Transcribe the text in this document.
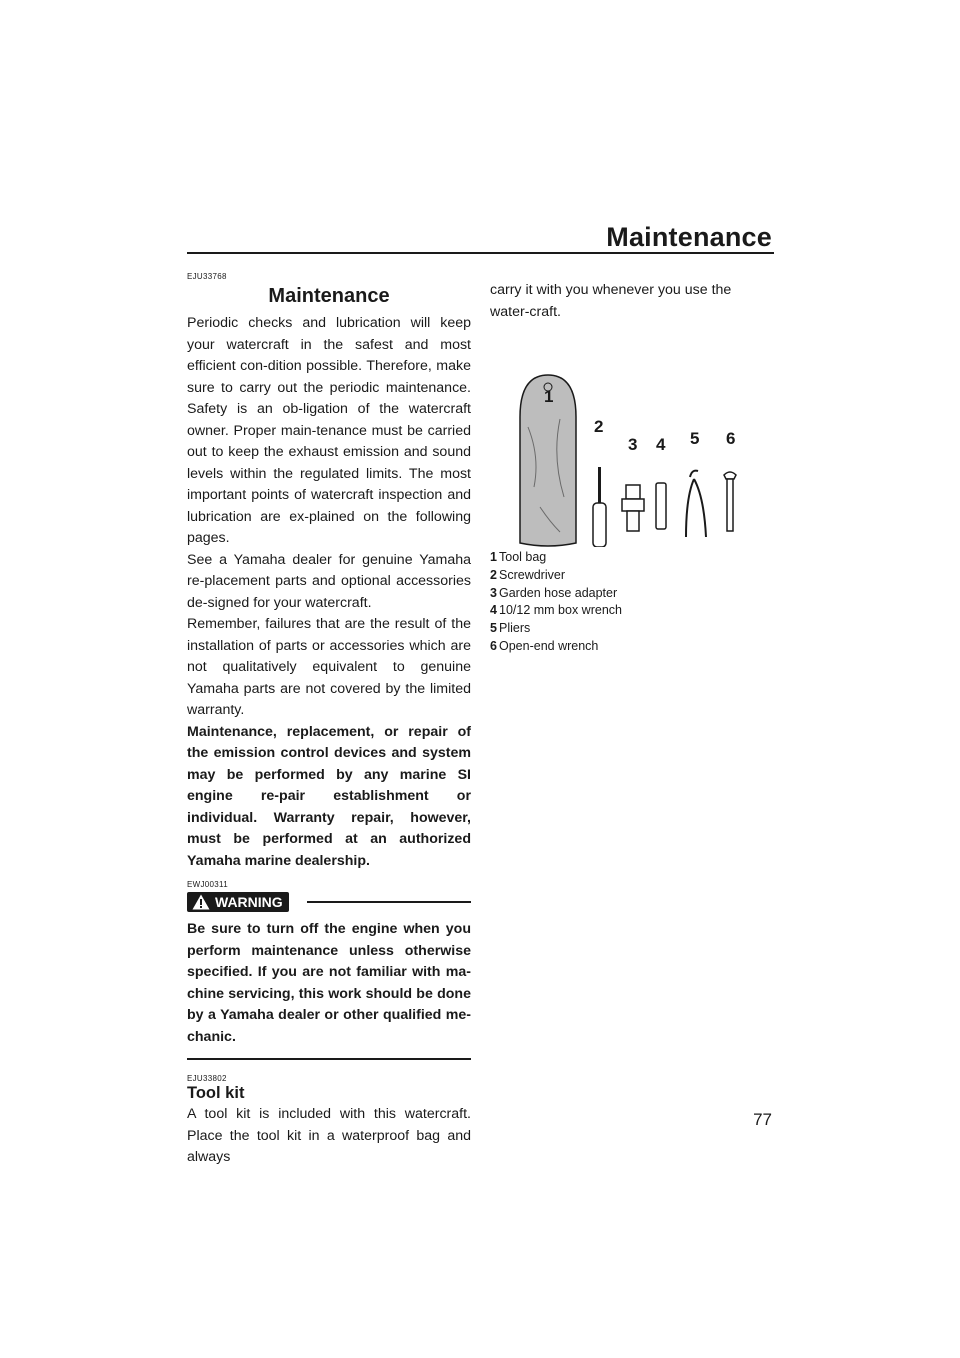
Maintenance
EJU33768
Maintenance

Periodic checks and lubrication will keep your watercraft in the safest and most efficient con-dition possible. Therefore, make sure to carry out the periodic maintenance. Safety is an ob-ligation of the watercraft owner. Proper main-tenance must be carried out to keep the exhaust emission and sound levels within the regulated limits. The most important points of watercraft inspection and lubrication are ex-plained on the following pages.

See a Yamaha dealer for genuine Yamaha re-placement parts and optional accessories de-signed for your watercraft.

Remember, failures that are the result of the installation of parts or accessories which are not qualitatively equivalent to genuine Yamaha parts are not covered by the limited warranty.

Maintenance, replacement, or repair of the emission control devices and system may be performed by any marine SI engine re-pair establishment or individual. Warranty repair, however, must be performed at an authorized Yamaha marine dealership.

EWJ00311
WARNING

Be sure to turn off the engine when you perform maintenance unless otherwise specified. If you are not familiar with ma-chine servicing, this work should be done by a Yamaha dealer or other qualified me-chanic.

EJU33802
Tool kit

A tool kit is included with this watercraft. Place the tool kit in a waterproof bag and always

carry it with you whenever you use the water-craft.

1
2
3 4 5 6
1 Tool bag
2 Screwdriver
3 Garden hose adapter
4 10/12 mm box wrench
5 Pliers
6 Open-end wrench
77
